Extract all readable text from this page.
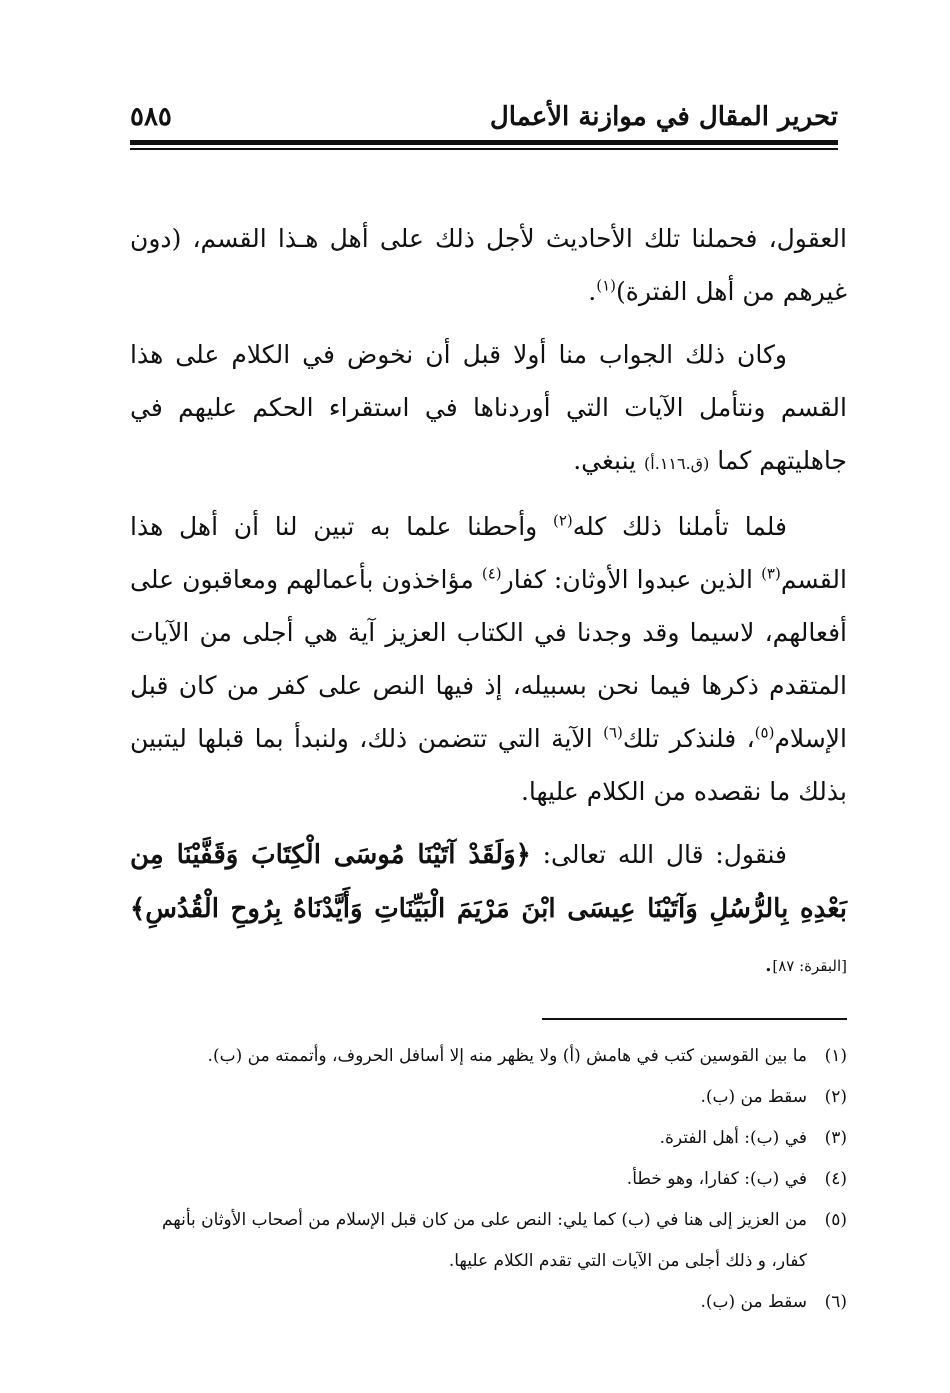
تحرير المقال في موازنة الأعمال
٥٨٥

العقول، فحملنا تلك الأحاديث لأجل ذلك على أهل هـذا القسم، (دون غيرهم من أهل الفترة)$^{(١)}$.

وكان ذلك الجواب منا أولا قبل أن نخوض في الكلام على هذا القسم ونتأمل الآيات التي أوردناها في استقراء الحكم عليهم في جاهليتهم كما (ق.١١٦.أ) ينبغي.

فلما تأملنا ذلك كله$^{(٢)}$ وأحطنا علما به تبين لنا أن أهل هذا القسم$^{(٣)}$ الذين عبدوا الأوثان: كفار$^{(٤)}$ مؤاخذون بأعمالهم ومعاقبون على أفعالهم، لاسيما وقد وجدنا في الكتاب العزيز آية هي أجلى من الآيات المتقدم ذكرها فيما نحن بسبيله، إذ فيها النص على كفر من كان قبل الإسلام$^{(٥)}$، فلنذكر تلك$^{(٦)}$ الآية التي تتضمن ذلك، ولنبدأ بما قبلها ليتبين بذلك ما نقصده من الكلام عليها.

فنقول: قال الله تعالى: ﴿وَلَقَدْ آتَيْنَا مُوسَى الْكِتَابَ وَقَفَّيْنَا مِن بَعْدِهِ بِالرُّسُلِ وَآتَيْنَا عِيسَى ابْنَ مَرْيَمَ الْبَيِّنَاتِ وَأَيَّدْنَاهُ بِرُوحِ الْقُدُسِ﴾ [البقرة: ٨٧].

(١)
ما بين القوسين كتب في هامش (أ) ولا يظهر منه إلا أسافل الحروف، وأتممته من (ب).
(٢)
سقط من (ب).
(٣)
في (ب): أهل الفترة.
(٤)
في (ب): كفارا، وهو خطأ.
(٥)
من العزيز إلى هنا في (ب) كما يلي: النص على من كان قبل الإسلام من أصحاب الأوثان بأنهم كفار، و ذلك أجلى من الآيات التي تقدم الكلام عليها.
(٦)
سقط من (ب).
